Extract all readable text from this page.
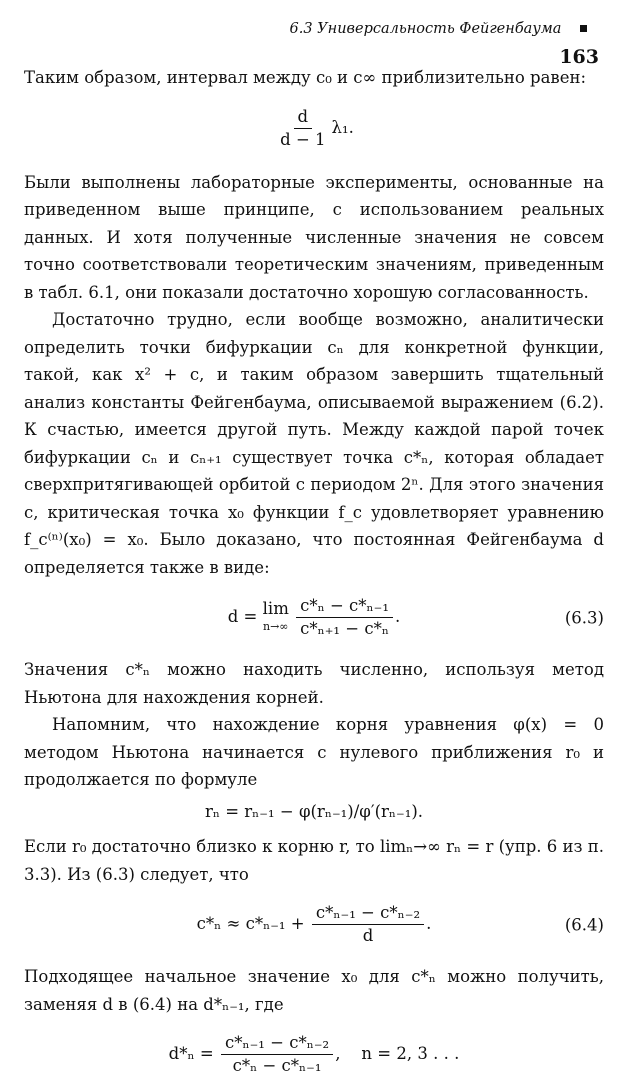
6.3 Универсальность Фейгенбаума  163

Таким образом, интервал между c₀ и c∞ приблизительно равен:

$\frac{d}{d - 1} \lambda_1$.

Были выполнены лабораторные эксперименты, основанные на приведенном выше принципе, с использованием реальных данных. И хотя полученные численные значения не совсем точно соответствовали теоретическим значениям, приведенным в табл. 6.1, они показали достаточно хорошую согласованность.

Достаточно трудно, если вообще возможно, аналитически определить точки бифуркации cₙ для конкретной функции, такой, как x² + c, и таким образом завершить тщательный анализ константы Фейгенбаума, описываемой выражением (6.2). К счастью, имеется другой путь. Между каждой парой точек бифуркации cₙ и cₙ₊₁ существует точка c*ₙ, которая обладает сверхпритягивающей орбитой с периодом 2ⁿ. Для этого значения c, критическая точка x₀ функции f_c удовлетворяет уравнению f_c⁽ⁿ⁾(x₀) = x₀. Было доказано, что постоянная Фейгенбаума d определяется также в виде:

d = lim
n→∞
$\frac{\text{c*ₙ − c*ₙ₋₁}}{\text{c*ₙ₊₁ − c*ₙ}}$ .	(6.3)

Значения c*ₙ можно находить численно, используя метод Ньютона для нахождения корней.

Напомним, что нахождение корня уравнения φ(x) = 0 методом Ньютона начинается с нулевого приближения r₀ и продолжается по формуле

rₙ = rₙ₋₁ − φ(rₙ₋₁)/φ′(rₙ₋₁).

Если r₀ достаточно близко к корню r, то limₙ→∞ rₙ = r (упр. 6 из п. 3.3). Из (6.3) следует, что

$c*_n \approx c*_{n-1} + \frac{\text{c*ₙ₋₁ − c*ₙ₋₂}}{d}$ .	(6.4)

Подходящее начальное значение x₀ для c*ₙ можно получить, заменяя d в (6.4) на d*ₙ₋₁, где

$d*_n = \frac{\text{c*ₙ₋₁ − c*ₙ₋₂}}{\text{c*ₙ − c*ₙ₋₁}}$ ,    n = 2, 3 . . .
